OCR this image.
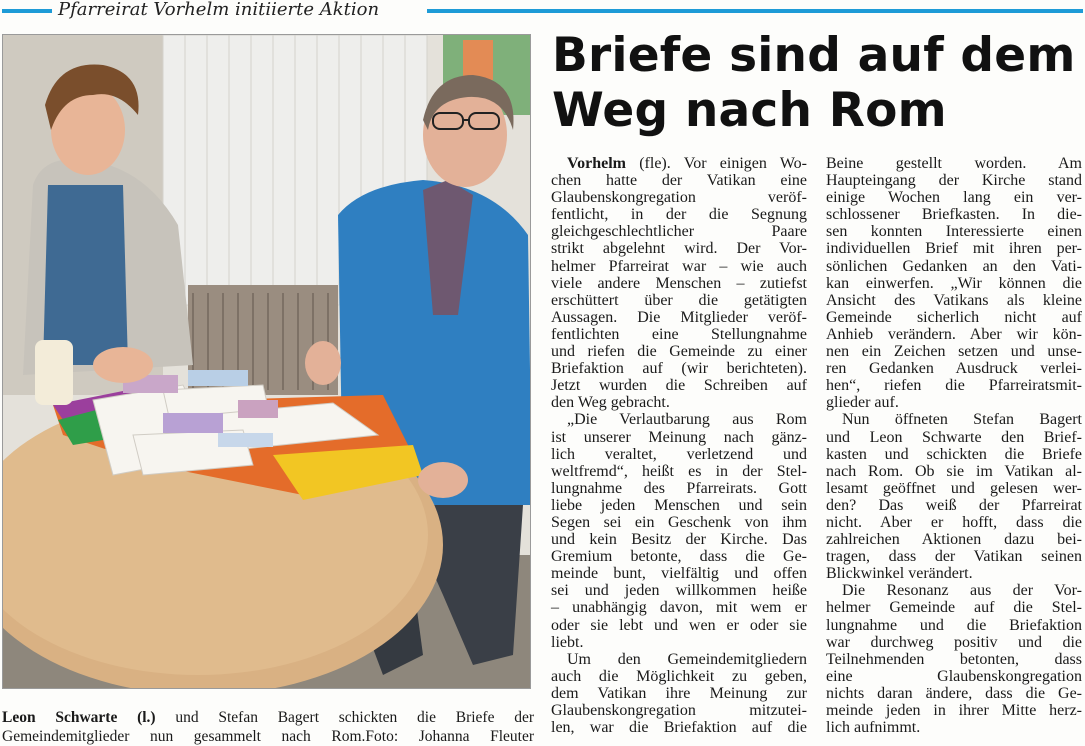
Pfarreirat Vorhelm initiierte Aktion
Leon Schwarte (l.) und Stefan Bagert schickten die Briefe der
Gemeindemitglieder nun gesammelt nach Rom.Foto: Johanna Fleuter
Briefe sind auf dem
Weg nach Rom
Vorhelm (fle). Vor einigen Wo-
chen hatte der Vatikan eine
Glaubenskongregation veröf-
fentlicht, in der die Segnung
gleichgeschlechtlicher Paare
strikt abgelehnt wird. Der Vor-
helmer Pfarreirat war – wie auch
viele andere Menschen – zutiefst
erschüttert über die getätigten
Aussagen. Die Mitglieder veröf-
fentlichten eine Stellungnahme
und riefen die Gemeinde zu einer
Briefaktion auf (wir berichteten).
Jetzt wurden die Schreiben auf
den Weg gebracht.
„Die Verlautbarung aus Rom
ist unserer Meinung nach gänz-
lich veraltet, verletzend und
weltfremd“, heißt es in der Stel-
lungnahme des Pfarreirats. Gott
liebe jeden Menschen und sein
Segen sei ein Geschenk von ihm
und kein Besitz der Kirche. Das
Gremium betonte, dass die Ge-
meinde bunt, vielfältig und offen
sei und jeden willkommen heiße
– unabhängig davon, mit wem er
oder sie lebt und wen er oder sie
liebt.
Um den Gemeindemitgliedern
auch die Möglichkeit zu geben,
dem Vatikan ihre Meinung zur
Glaubenskongregation mitzutei-
len, war die Briefaktion auf die
Beine gestellt worden. Am
Haupteingang der Kirche stand
einige Wochen lang ein ver-
schlossener Briefkasten. In die-
sen konnten Interessierte einen
individuellen Brief mit ihren per-
sönlichen Gedanken an den Vati-
kan einwerfen. „Wir können die
Ansicht des Vatikans als kleine
Gemeinde sicherlich nicht auf
Anhieb verändern. Aber wir kön-
nen ein Zeichen setzen und unse-
ren Gedanken Ausdruck verlei-
hen“, riefen die Pfarreiratsmit-
glieder auf.
Nun öffneten Stefan Bagert
und Leon Schwarte den Brief-
kasten und schickten die Briefe
nach Rom. Ob sie im Vatikan al-
lesamt geöffnet und gelesen wer-
den? Das weiß der Pfarreirat
nicht. Aber er hofft, dass die
zahlreichen Aktionen dazu bei-
tragen, dass der Vatikan seinen
Blickwinkel verändert.
Die Resonanz aus der Vor-
helmer Gemeinde auf die Stel-
lungnahme und die Briefaktion
war durchweg positiv und die
Teilnehmenden betonten, dass
eine Glaubenskongregation
nichts daran ändere, dass die Ge-
meinde jeden in ihrer Mitte herz-
lich aufnimmt.
